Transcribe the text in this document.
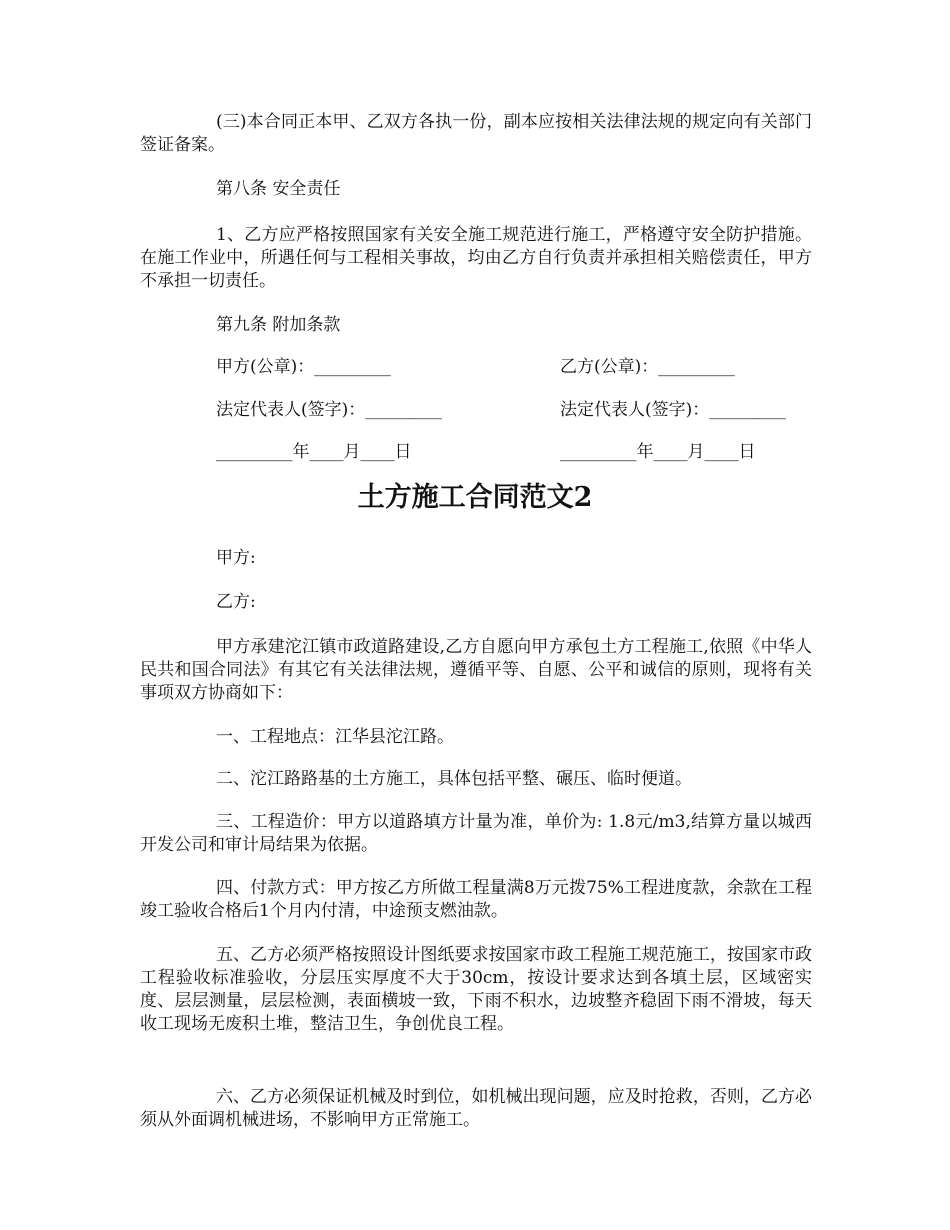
(三)本合同正本甲、乙双方各执一份，副本应按相关法律法规的规定向有关部门签证备案。

第八条 安全责任

1、乙方应严格按照国家有关安全施工规范进行施工，严格遵守安全防护措施。在施工作业中，所遇任何与工程相关事故，均由乙方自行负责并承担相关赔偿责任，甲方不承担一切责任。

第九条 附加条款

甲方(公章)：_________	乙方(公章)：_________

法定代表人(签字)：_________	法定代表人(签字)：_________

_________年____月____日	_________年____月____日

土方施工合同范文2

甲方:

乙方:

甲方承建沱江镇市政道路建设,乙方自愿向甲方承包土方工程施工,依照《中华人民共和国合同法》有其它有关法律法规，遵循平等、自愿、公平和诚信的原则，现将有关事项双方协商如下：

一、工程地点：江华县沱江路。

二、沱江路路基的土方施工，具体包括平整、碾压、临时便道。

三、工程造价：甲方以道路填方计量为准，单价为: 1.8元/m3,结算方量以城西开发公司和审计局结果为依据。

四、付款方式：甲方按乙方所做工程量满8万元拨75%工程进度款，余款在工程竣工验收合格后1个月内付清，中途预支燃油款。

五、乙方必须严格按照设计图纸要求按国家市政工程施工规范施工，按国家市政工程验收标准验收，分层压实厚度不大于30cm，按设计要求达到各填土层，区域密实度、层层测量，层层检测，表面横坡一致，下雨不积水，边坡整齐稳固下雨不滑坡，每天收工现场无废积土堆，整洁卫生，争创优良工程。

六、乙方必须保证机械及时到位，如机械出现问题，应及时抢救，否则，乙方必须从外面调机械进场，不影响甲方正常施工。
